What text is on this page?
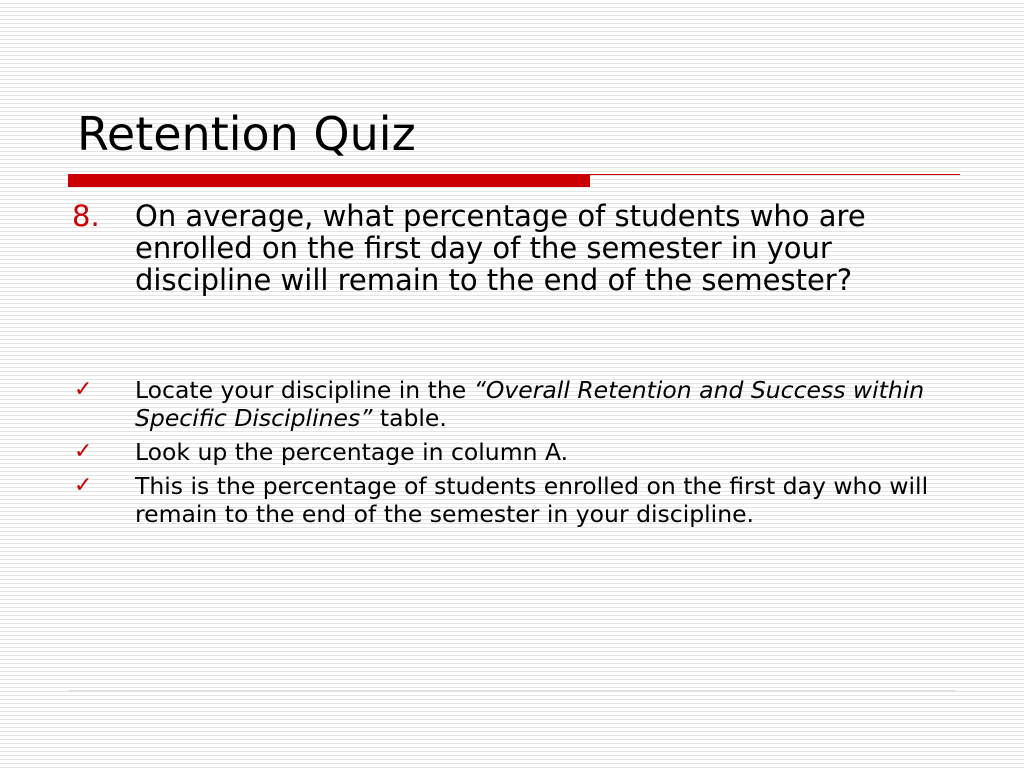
Retention Quiz
8. On average, what percentage of students who are enrolled on the first day of the semester in your discipline will remain to the end of the semester?
✓ Locate your discipline in the “Overall Retention and Success within Specific Disciplines” table.
✓ Look up the percentage in column A.
✓ This is the percentage of students enrolled on the first day who will remain to the end of the semester in your discipline.
